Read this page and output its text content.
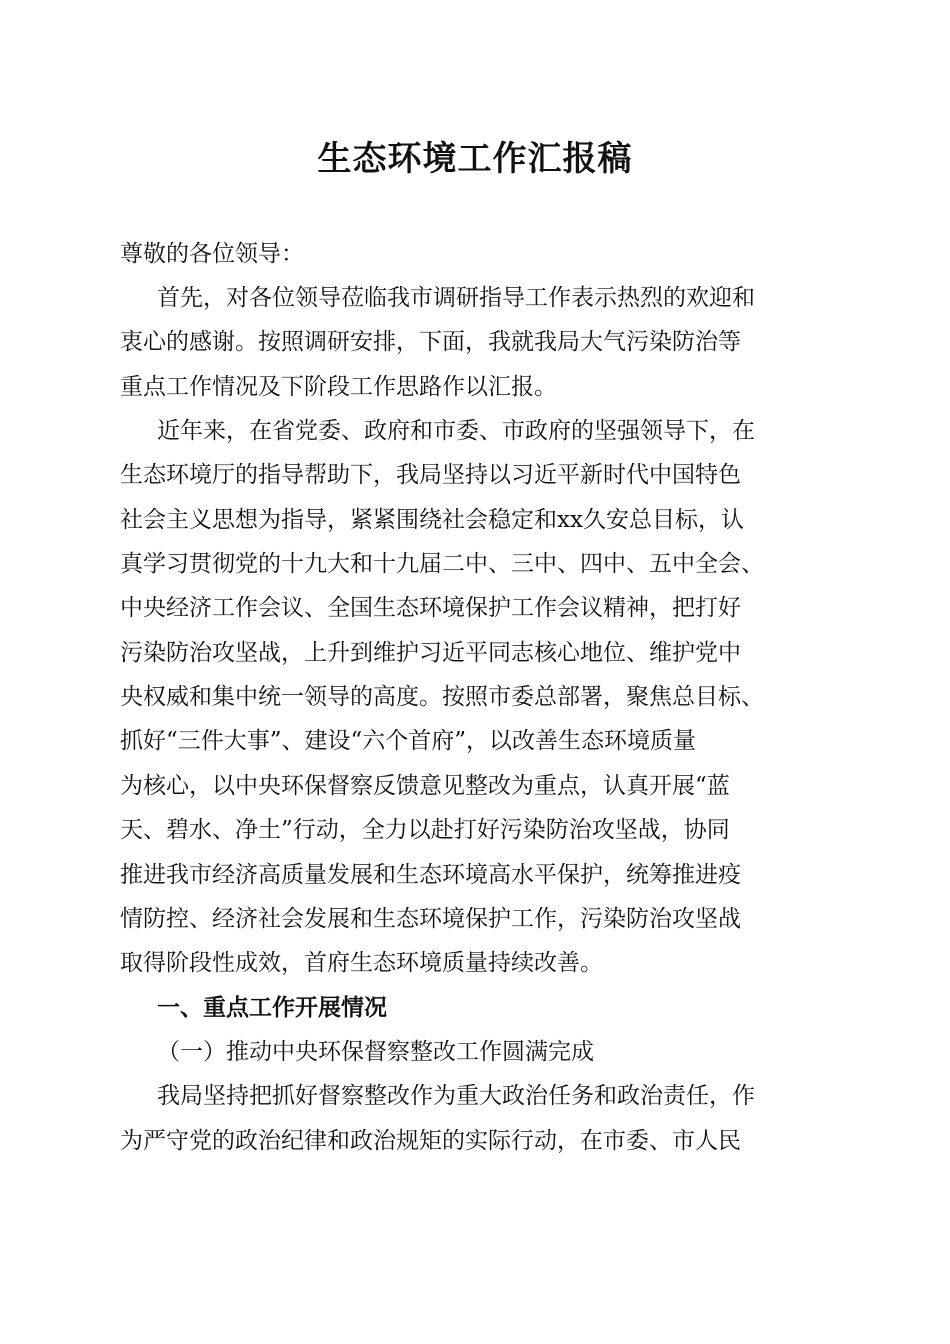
生态环境工作汇报稿
尊敬的各位领导：
首先，对各位领导莅临我市调研指导工作表示热烈的欢迎和
衷心的感谢。按照调研安排，下面，我就我局大气污染防治等
重点工作情况及下阶段工作思路作以汇报。
近年来，在省党委、政府和市委、市政府的坚强领导下，在
生态环境厅的指导帮助下，我局坚持以习近平新时代中国特色
社会主义思想为指导，紧紧围绕社会稳定和xx久安总目标，认
真学习贯彻党的十九大和十九届二中、三中、四中、五中全会、
中央经济工作会议、全国生态环境保护工作会议精神，把打好
污染防治攻坚战，上升到维护习近平同志核心地位、维护党中
央权威和集中统一领导的高度。按照市委总部署，聚焦总目标、
抓好“三件大事”、建设“六个首府”，以改善生态环境质量
为核心，以中央环保督察反馈意见整改为重点，认真开展“蓝
天、碧水、净土”行动，全力以赴打好污染防治攻坚战，协同
推进我市经济高质量发展和生态环境高水平保护，统筹推进疫
情防控、经济社会发展和生态环境保护工作，污染防治攻坚战
取得阶段性成效，首府生态环境质量持续改善。
一、重点工作开展情况
（一）推动中央环保督察整改工作圆满完成
我局坚持把抓好督察整改作为重大政治任务和政治责任，作
为严守党的政治纪律和政治规矩的实际行动，在市委、市人民
